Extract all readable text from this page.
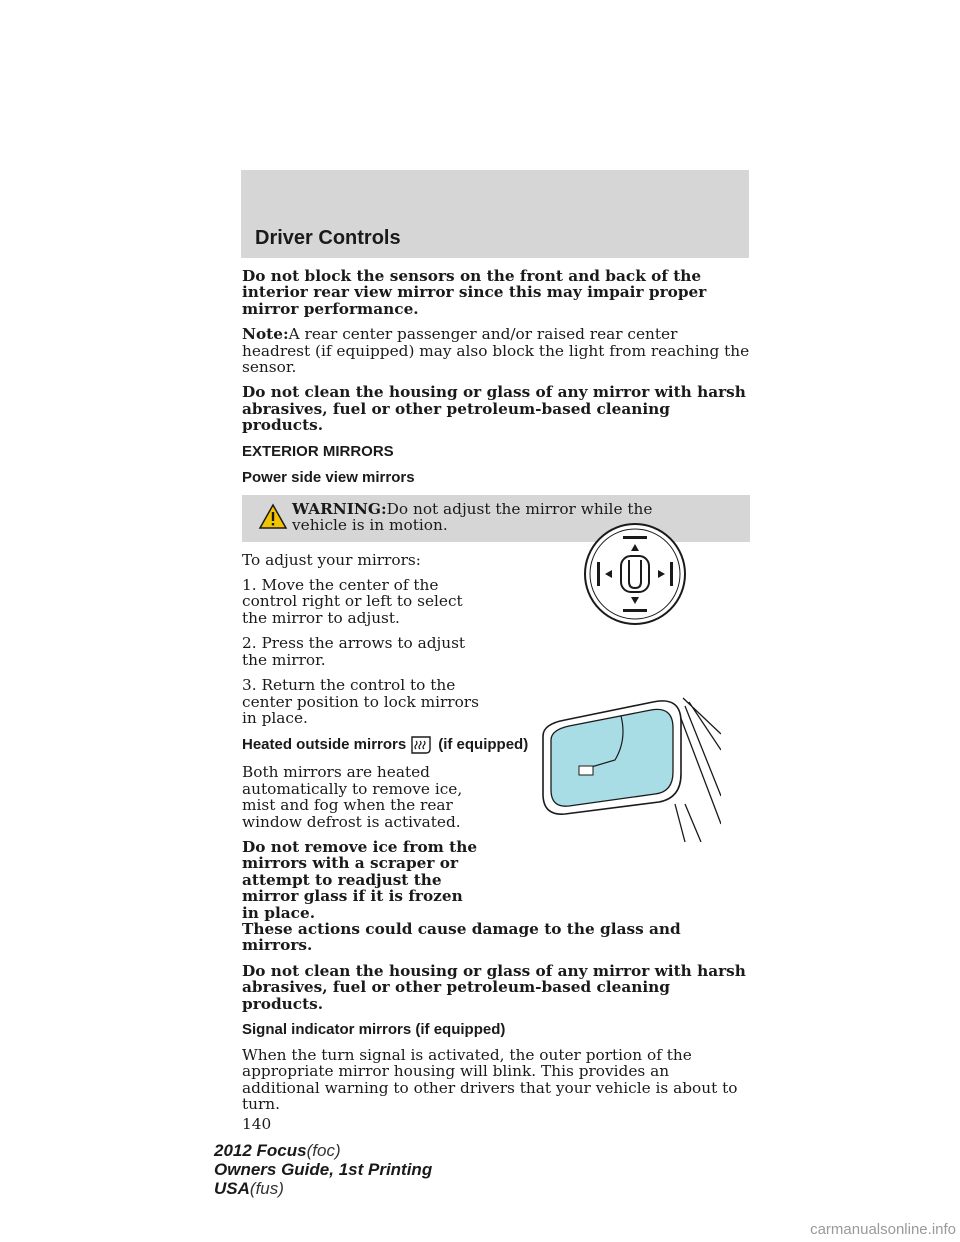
Driver Controls

Do not block the sensors on the front and back of the interior rear view mirror since this may impair proper mirror performance.

Note:A rear center passenger and/or raised rear center headrest (if equipped) may also block the light from reaching the sensor.

Do not clean the housing or glass of any mirror with harsh abrasives, fuel or other petroleum-based cleaning products.

EXTERIOR MIRRORS

Power side view mirrors

WARNING:Do not adjust the mirror while the vehicle is in motion.

To adjust your mirrors:

1. Move the center of the control right or left to select the mirror to adjust.

2. Press the arrows to adjust the mirror.

3. Return the control to the center position to lock mirrors in place.

Heated outside mirrors (if equipped)

Both mirrors are heated automatically to remove ice, mist and fog when the rear window defrost is activated.

Do not remove ice from the mirrors with a scraper or attempt to readjust the mirror glass if it is frozen in place.
These actions could cause damage to the glass and mirrors.

Do not clean the housing or glass of any mirror with harsh abrasives, fuel or other petroleum-based cleaning products.

Signal indicator mirrors (if equipped)

When the turn signal is activated, the outer portion of the appropriate mirror housing will blink. This provides an additional warning to other drivers that your vehicle is about to turn.

140

2012 Focus(foc)
Owners Guide, 1st Printing
USA(fus)
carmanualsonline.info
